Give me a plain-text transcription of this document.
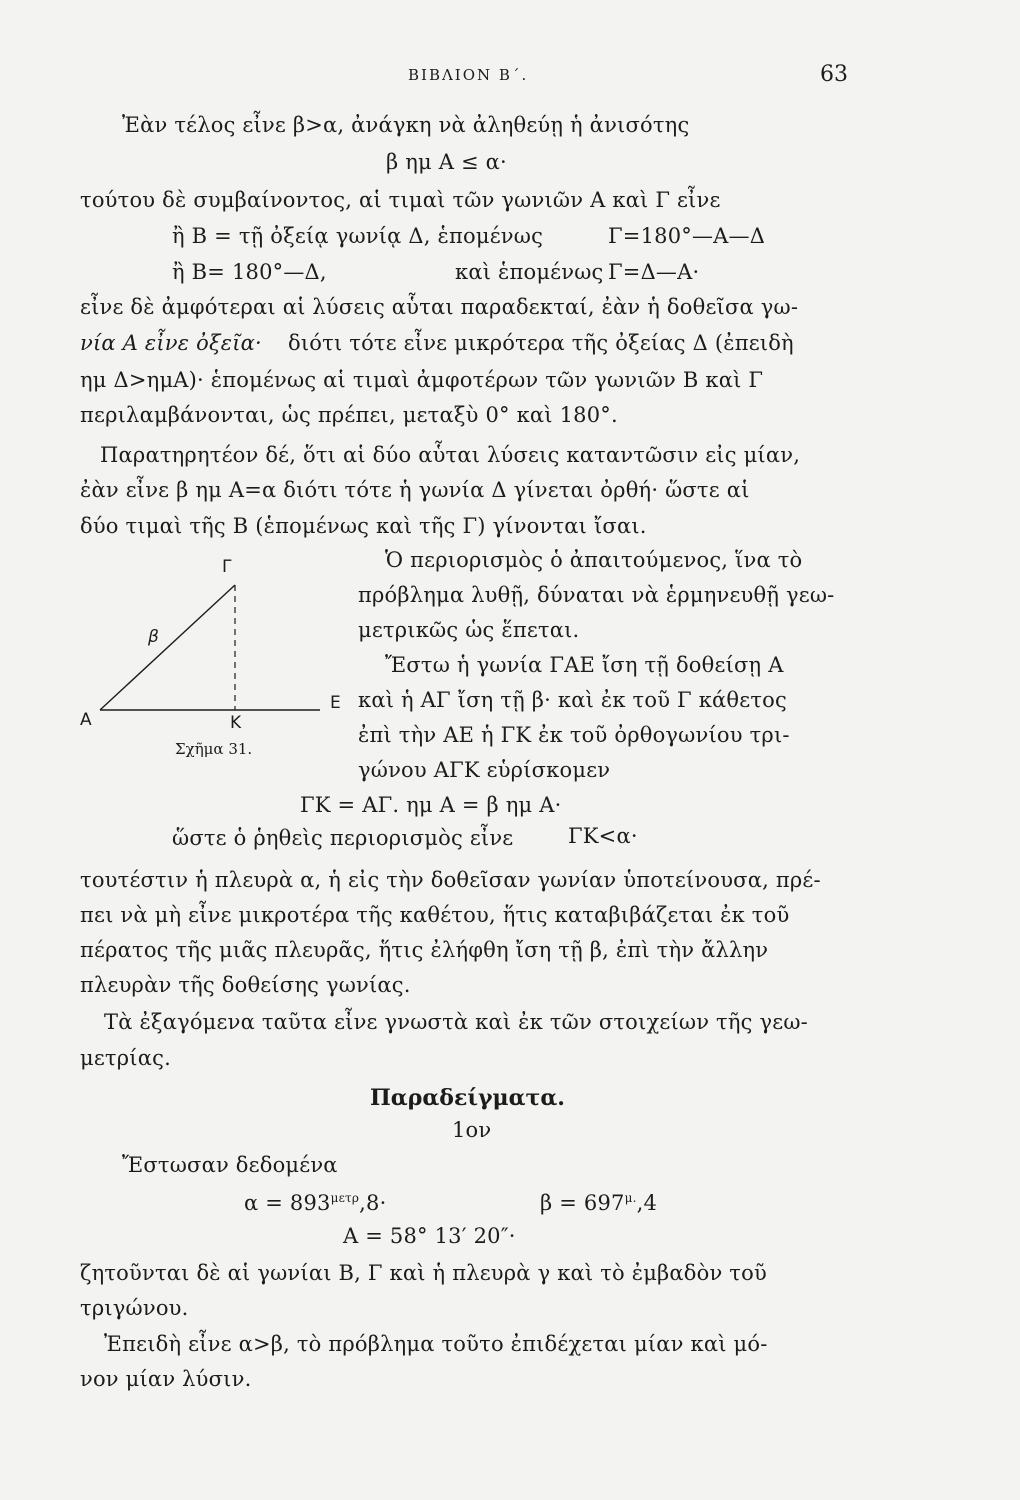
ΒΙΒΛΙΟΝ Β΄.	63
Ἐὰν τέλος εἶνε β>α, ἀνάγκη νὰ ἀληθεύῃ ἡ ἀνισότης
β ημ A ≤ α·
τούτου δὲ συμβαίνοντος, αἱ τιμαὶ τῶν γωνιῶν A καὶ Γ εἶνε
ἢ B = τῇ ὀξείᾳ γωνίᾳ Δ, ἑπομένως	Γ=180°—A—Δ
ἢ B= 180°—Δ,	καὶ ἑπομένως Γ=Δ—A·
εἶνε δὲ ἀμφότεραι αἱ λύσεις αὗται παραδεκταί, ἐὰν ἡ δοθεῖσα γω-
νία A εἶνε ὀξεῖα· διότι τότε εἶνε μικρότερα τῆς ὀξείας Δ (ἐπειδὴ
ημ Δ>ημA)· ἑπομένως αἱ τιμαὶ ἀμφοτέρων τῶν γωνιῶν B καὶ Γ
περιλαμβάνονται, ὡς πρέπει, μεταξὺ 0° καὶ 180°.
Παρατηρητέον δέ, ὅτι αἱ δύο αὗται λύσεις καταντῶσιν εἰς μίαν,
ἐὰν εἶνε β ημ A=α διότι τότε ἡ γωνία Δ γίνεται ὀρθή· ὥστε αἱ
δύο τιμαὶ τῆς B (ἑπομένως καὶ τῆς Γ) γίνονται ἴσαι.
Γ
β
A	K
E
Σχῆμα 31.
Ὁ περιορισμὸς ὁ ἀπαιτούμενος, ἵνα τὸ
πρόβλημα λυθῇ, δύναται νὰ ἑρμηνευθῇ γεω-
μετρικῶς ὡς ἕπεται.
Ἔστω ἡ γωνία ΓAE ἴση τῇ δοθείσῃ A
καὶ ἡ AΓ ἴση τῇ β· καὶ ἐκ τοῦ Γ κάθετος
ἐπὶ τὴν AE ἡ ΓK ἐκ τοῦ ὀρθογωνίου τρι-
γώνου AΓK εὑρίσκομεν
ΓK = AΓ. ημ A = β ημ A·
ὥστε ὁ ῥηθεὶς περιορισμὸς εἶνε	ΓK<α·
τουτέστιν ἡ πλευρὰ α, ἡ εἰς τὴν δοθεῖσαν γωνίαν ὑποτείνουσα, πρέ-
πει νὰ μὴ εἶνε μικροτέρα τῆς καθέτου, ἥτις καταβιβάζεται ἐκ τοῦ
πέρατος τῆς μιᾶς πλευρᾶς, ἥτις ἐλήφθη ἴση τῇ β, ἐπὶ τὴν ἄλλην
πλευρὰν τῆς δοθείσης γωνίας.
Τὰ ἐξαγόμενα ταῦτα εἶνε γνωστὰ καὶ ἐκ τῶν στοιχείων τῆς γεω-
μετρίας.
Παραδείγματα.
1ον
Ἔστωσαν δεδομένα
$\alpha = 893^{\mu\varepsilon\tau\rho},8\cdot$	$\beta = 697^{\mu.},4$
A = 58° 13′ 20″·
ζητοῦνται δὲ αἱ γωνίαι B, Γ καὶ ἡ πλευρὰ γ καὶ τὸ ἐμβαδὸν τοῦ
τριγώνου.
Ἐπειδὴ εἶνε α>β, τὸ πρόβλημα τοῦτο ἐπιδέχεται μίαν καὶ μό-
νον μίαν λύσιν.
